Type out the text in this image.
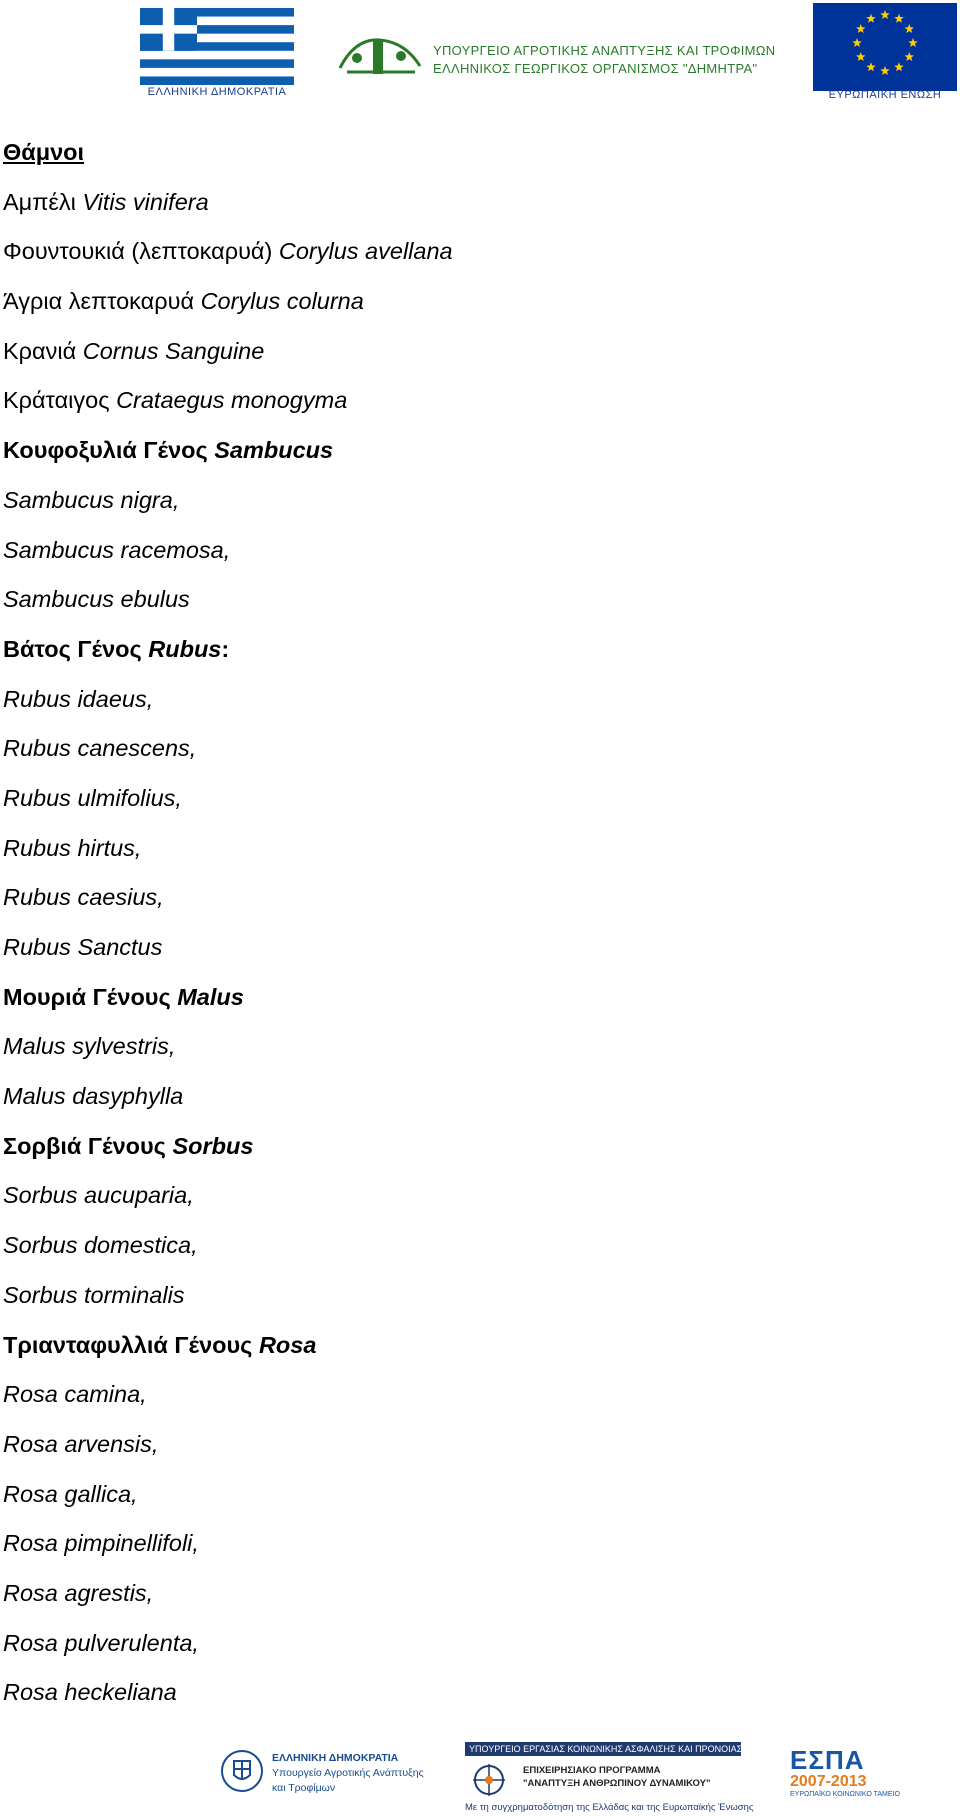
ΕΛΛΗΝΙΚΗ ΔΗΜΟΚΡΑΤΙΑ
ΥΠΟΥΡΓΕΙΟ ΑΓΡΟΤΙΚΗΣ ΑΝΑΠΤΥΞΗΣ ΚΑΙ ΤΡΟΦΙΜΩΝ
ΕΛΛΗΝΙΚΟΣ ΓΕΩΡΓΙΚΟΣ ΟΡΓΑΝΙΣΜΟΣ "ΔΗΜΗΤΡΑ"
ΕΥΡΩΠΑΪΚΗ ΕΝΩΣΗ
Θάμνοι
Αμπέλι Vitis vinifera
Φουντουκιά (λεπτοκαρυά) Corylus avellana
Άγρια λεπτοκαρυά Corylus colurna
Κρανιά Cornus Sanguine
Κράταιγος Crataegus monogyma
Κουφοξυλιά Γένος Sambucus
Sambucus nigra,
Sambucus racemosa,
Sambucus ebulus
Βάτος Γένος Rubus:
Rubus idaeus,
Rubus canescens,
Rubus ulmifolius,
Rubus hirtus,
Rubus caesius,
Rubus Sanctus
Μουριά Γένους Malus
Malus sylvestris,
Malus dasyphylla
Σορβιά Γένους Sorbus
Sorbus aucuparia,
Sorbus domestica,
Sorbus torminalis
Τριανταφυλλιά Γένους Rosa
Rosa camina,
Rosa arvensis,
Rosa gallica,
Rosa pimpinellifoli,
Rosa agrestis,
Rosa pulverulenta,
Rosa heckeliana
ΕΛΛΗΝΙΚΗ ΔΗΜΟΚΡΑΤΙΑ
Υπουργείο Αγροτικής Ανάπτυξης
και Τροφίμων
ΥΠΟΥΡΓΕΙΟ ΕΡΓΑΣΙΑΣ ΚΟΙΝΩΝΙΚΗΣ ΑΣΦΑΛΙΣΗΣ ΚΑΙ ΠΡΟΝΟΙΑΣ
ΕΠΙΧΕΙΡΗΣΙΑΚΟ ΠΡΟΓΡΑΜΜΑ
"ΑΝΑΠΤΥΞΗ ΑΝΘΡΩΠΙΝΟΥ ΔΥΝΑΜΙΚΟΥ"
Με τη συγχρηματοδότηση της Ελλάδας και της Ευρωπαϊκής Ένωσης
ΕΣΠΑ
2007-2013
ΕΥΡΩΠΑΪΚΟ ΚΟΙΝΩΝΙΚΟ ΤΑΜΕΙΟ
